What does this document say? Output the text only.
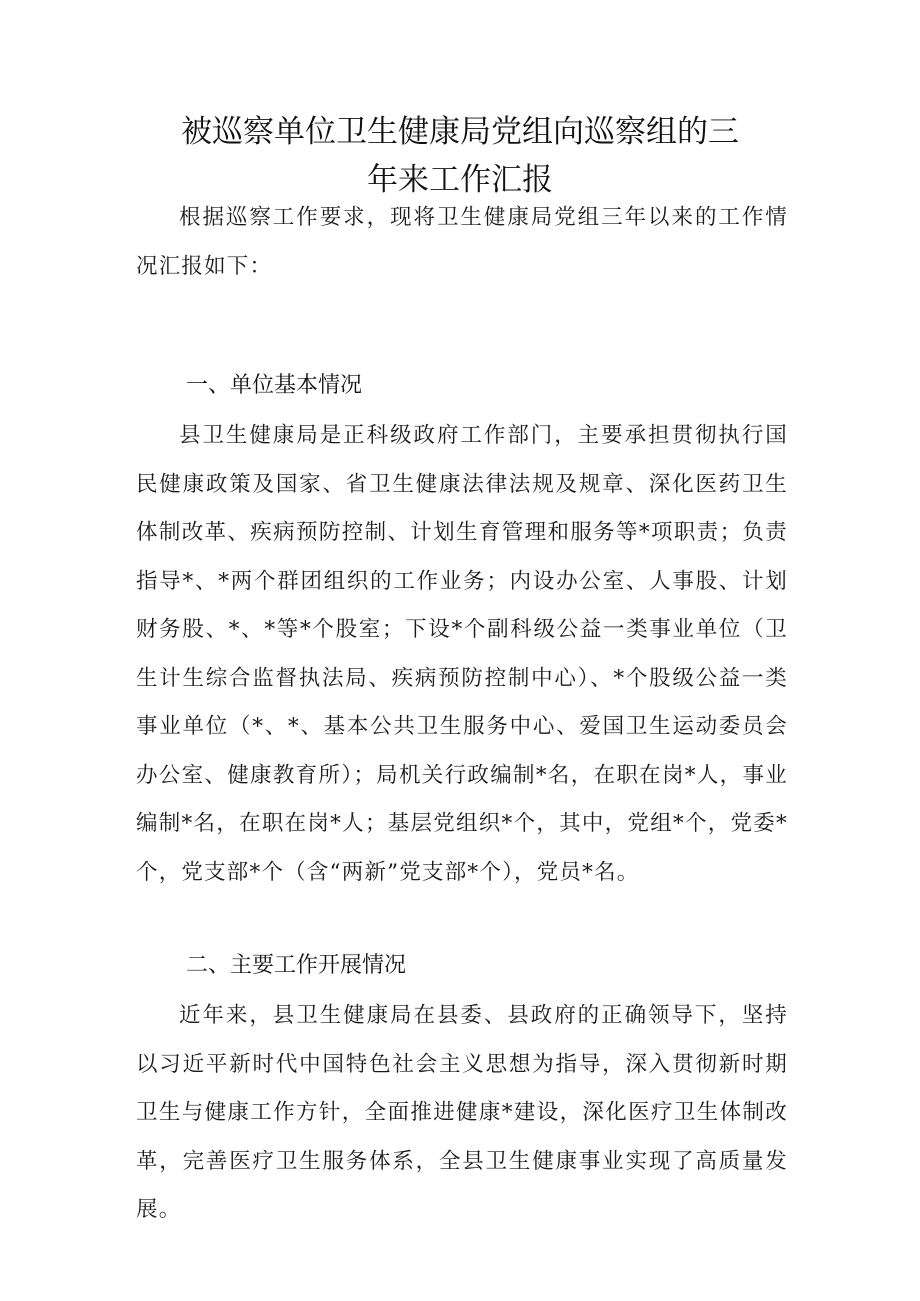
被巡察单位卫生健康局党组向巡察组的三
年来工作汇报

根据巡察工作要求，现将卫生健康局党组三年以来的工作情况汇报如下：

一、单位基本情况

县卫生健康局是正科级政府工作部门，主要承担贯彻执行国民健康政策及国家、省卫生健康法律法规及规章、深化医药卫生体制改革、疾病预防控制、计划生育管理和服务等*项职责；负责指导*、*两个群团组织的工作业务；内设办公室、人事股、计划财务股、*、*等*个股室；下设*个副科级公益一类事业单位（卫生计生综合监督执法局、疾病预防控制中心）、*个股级公益一类事业单位（*、*、基本公共卫生服务中心、爱国卫生运动委员会办公室、健康教育所）；局机关行政编制*名，在职在岗*人，事业编制*名，在职在岗*人；基层党组织*个，其中，党组*个，党委*个，党支部*个（含“两新”党支部*个），党员*名。

二、主要工作开展情况

近年来，县卫生健康局在县委、县政府的正确领导下，坚持以习近平新时代中国特色社会主义思想为指导，深入贯彻新时期卫生与健康工作方针，全面推进健康*建设，深化医疗卫生体制改革，完善医疗卫生服务体系，全县卫生健康事业实现了高质量发展。
